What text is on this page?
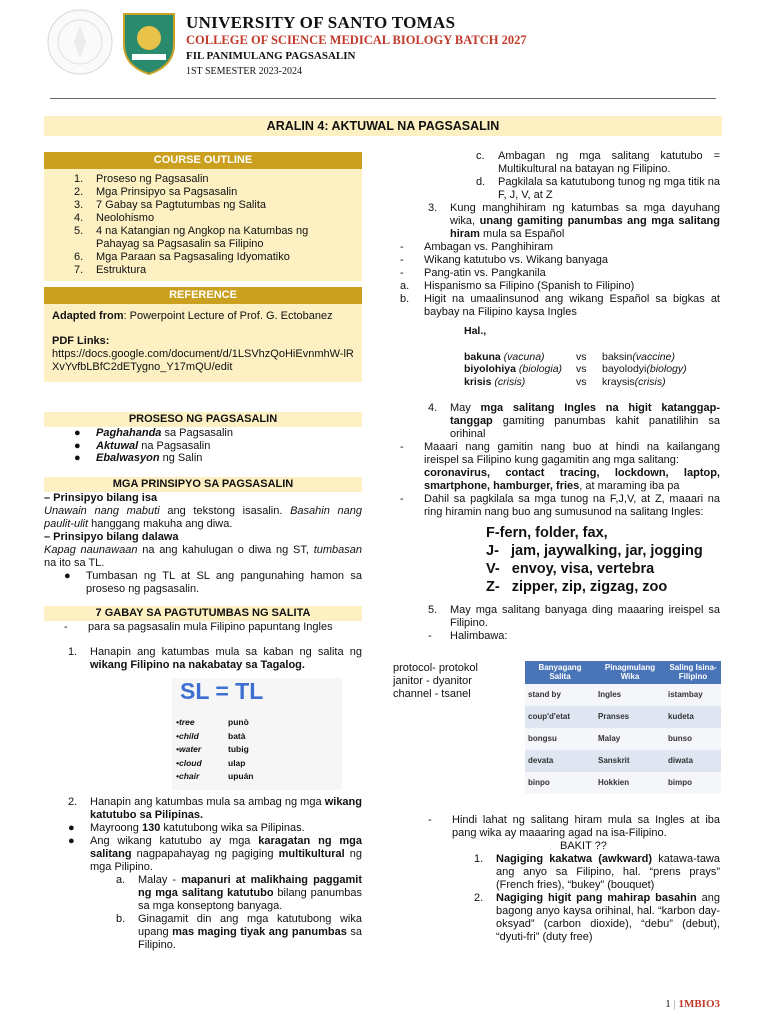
UNIVERSITY OF SANTO TOMAS
COLLEGE OF SCIENCE MEDICAL BIOLOGY BATCH 2027
FIL PANIMULANG PAGSASALIN
1ST SEMESTER 2023-2024
ARALIN 4: AKTUWAL NA PAGSASALIN
COURSE OUTLINE
1.	Proseso ng Pagsasalin
2.	Mga Prinsipyo sa Pagsasalin
3.	7 Gabay sa Pagtutumbas ng Salita
4.	Neolohismo
5.	4 na Katangian ng Angkop na Katumbas ng Pahayag sa Pagsasalin sa Filipino
6.	Mga Paraan sa Pagsasaling Idyomatiko
7.	Estruktura
REFERENCE
Adapted from: Powerpoint Lecture of Prof. G. Ectobanez
PDF Links:
https://docs.google.com/document/d/1LSVhzQoHiEvnmhW-lRXvYvfbLBfC2dETygno_Y17mQU/edit
PROSESO NG PAGSASALIN
●	Paghahanda sa Pagsasalin
●	Aktuwal na Pagsasalin
●	Ebalwasyon ng Salin
MGA PRINSIPYO SA PAGSASALIN
– Prinsipyo bilang isa
Unawain nang mabuti ang tekstong isasalin. Basahin nang paulit-ulit hanggang makuha ang diwa.
– Prinsipyo bilang dalawa
Kapag naunawaan na ang kahulugan o diwa ng ST, tumbasan na ito sa TL.
●	Tumbasan ng TL at SL ang pangunahing hamon sa proseso ng pagsasalin.
7 GABAY SA PAGTUTUMBAS NG SALITA
-	para sa pagsasalin mula Filipino papuntang Ingles
1.	Hanapin ang katumbas mula sa kaban ng salita ng wikang Filipino na nakabatay sa Tagalog.
SL = TL
•tree	punò
•child	batà
•water	tubig
•cloud	ulap
•chair	upuán
2.	Hanapin ang katumbas mula sa ambag ng mga wikang katutubo sa Pilipinas.
●	Mayroong 130 katutubong wika sa Pilipinas.
●	Ang wikang katutubo ay mga karagatan ng mga salitang nagpapahayag ng pagiging multikultural ng mga Pilipino.
a.	Malay - mapanuri at malikhaing paggamit ng mga salitang katutubo bilang panumbas sa mga konseptong banyaga.
b.	Ginagamit din ang mga katutubong wika upang mas maging tiyak ang panumbas sa Filipino.
c.	Ambagan ng mga salitang katutubo = Multikultural na batayan ng Filipino.
d.	Pagkilala sa katutubong tunog ng mga titik na F, J, V, at Z
3.	Kung manghihiram ng katumbas sa mga dayuhang wika, unang gamiting panumbas ang mga salitang hiram mula sa Español
-	Ambagan vs. Panghihiram
-	Wikang katutubo vs. Wikang banyaga
-	Pang-atin vs. Pangkanila
a.	Hispanismo sa Filipino (Spanish to Filipino)
b.	Higit na umaalinsunod ang wikang Español sa bigkas at baybay na Filipino kaysa Ingles
Hal.,
bakuna (vacuna)	vs	baksin (vaccine)
biyolohiya (biologia)	vs	bayolodyi (biology)
krisis (crisis)	vs	kraysis (crisis)
4.	May mga salitang Ingles na higit katanggap-tanggap gamiting panumbas kahit panatilihin sa orihinal
-	Maaari nang gamitin nang buo at hindi na kailangang ireispel sa Filipino kung gagamitin ang mga salitang:
coronavirus, contact tracing, lockdown, laptop, smartphone, hamburger, fries, at maraming iba pa
-	Dahil sa pagkilala sa mga tunog na F,J,V, at Z, maaari na ring hiramin nang buo ang sumusunod na salitang Ingles:
F-fern, folder, fax,
J-   jam, jaywalking, jar, jogging
V-   envoy, visa, vertebra
Z-   zipper, zip, zigzag, zoo
5.	May mga salitang banyaga ding maaaring ireispel sa Filipino.
-	Halimbawa:
protocol- protokol
janitor - dyanitor
channel - tsanel
Banyagang Salita	Pinagmulang Wika	Saling Isina-Filipino
stand by	Ingles	istambay
coup'd'etat	Pranses	kudeta
bongsu	Malay	bunso
devata	Sanskrit	diwata
binpo	Hokkien	bimpo
-	Hindi lahat ng salitang hiram mula sa Ingles at iba pang wika ay maaaring agad na isa-Filipino.
BAKIT ??
1.	Nagiging kakatwa (awkward) katawa-tawa ang anyo sa Filipino, hal. “prens prays” (French fries), “bukey” (bouquet)
2.	Nagiging higit pang mahirap basahin ang bagong anyo kaysa orihinal, hal. “karbon day-oksyad” (carbon dioxide), “debu” (debut), “dyuti-fri” (duty free)
1 | 1MBIO3
